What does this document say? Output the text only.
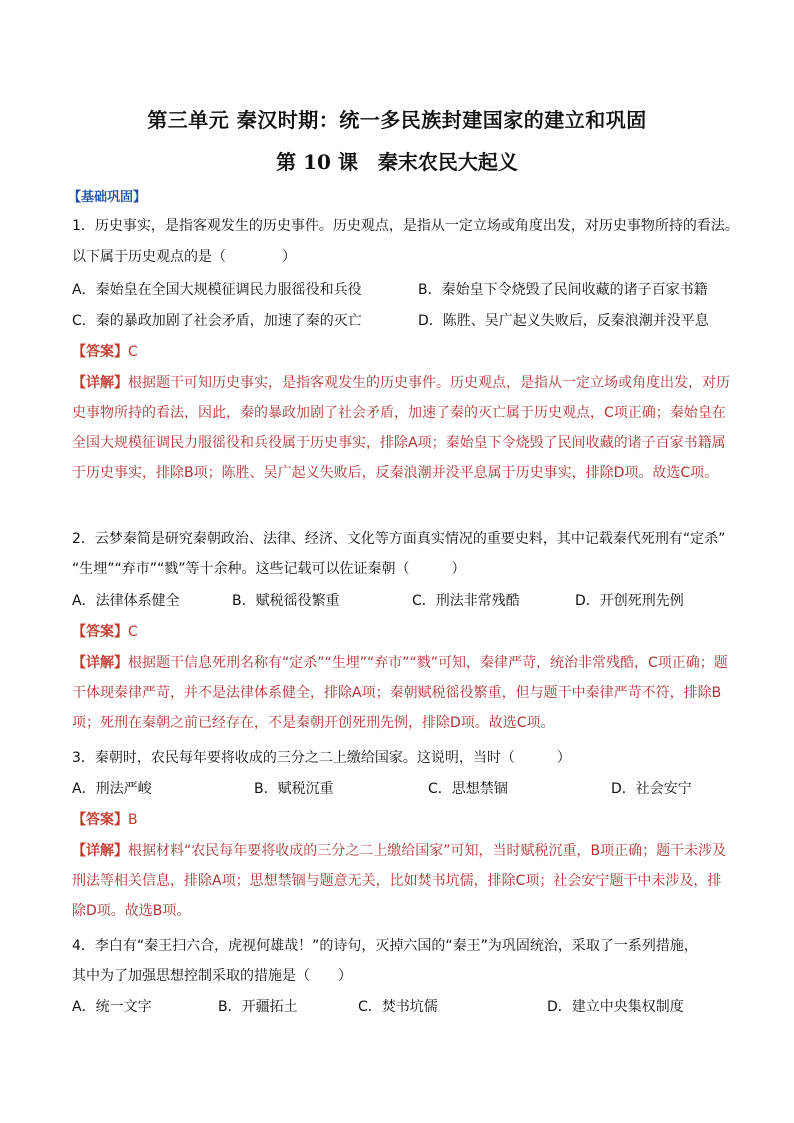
第三单元 秦汉时期：统一多民族封建国家的建立和巩固
第 10 课　秦末农民大起义
【基础巩固】
1．历史事实，是指客观发生的历史事件。历史观点，是指从一定立场或角度出发，对历史事物所持的看法。
以下属于历史观点的是（　　　　）
A．秦始皇在全国大规模征调民力服徭役和兵役	B．秦始皇下令烧毁了民间收藏的诸子百家书籍
C．秦的暴政加剧了社会矛盾，加速了秦的灭亡	D．陈胜、吴广起义失败后，反秦浪潮并没平息
【答案】C

【详解】根据题干可知历史事实，是指客观发生的历史事件。历史观点，是指从一定立场或角度出发，对历史事物所持的看法，因此，秦的暴政加剧了社会矛盾，加速了秦的灭亡属于历史观点，C项正确；秦始皇在全国大规模征调民力服徭役和兵役属于历史事实，排除A项；秦始皇下令烧毁了民间收藏的诸子百家书籍属于历史事实，排除B项；陈胜、吴广起义失败后，反秦浪潮并没平息属于历史事实，排除D项。故选C项。

2．云梦秦简是研究秦朝政治、法律、经济、文化等方面真实情况的重要史料，其中记载秦代死刑有“定杀”
“生埋”“弃市”“戮”等十余种。这些记载可以佐证秦朝（　　　）
A．法律体系健全	B．赋税徭役繁重	C．刑法非常残酷	D．开创死刑先例
【答案】C

【详解】根据题干信息死刑名称有“定杀”“生埋”“弃市”“戮”可知，秦律严苛，统治非常残酷，C项正确；题干体现秦律严苛，并不是法律体系健全，排除A项；秦朝赋税徭役繁重，但与题干中秦律严苛不符，排除B项；死刑在秦朝之前已经存在，不是秦朝开创死刑先例，排除D项。故选C项。

3．秦朝时，农民每年要将收成的三分之二上缴给国家。这说明，当时（　　　）
A．刑法严峻	B．赋税沉重	C．思想禁锢	D．社会安宁
【答案】B

【详解】根据材料“农民每年要将收成的三分之二上缴给国家”可知，当时赋税沉重，B项正确；题干未涉及刑法等相关信息，排除A项；思想禁锢与题意无关，比如焚书坑儒，排除C项；社会安宁题干中未涉及，排除D项。故选B项。

4．李白有“秦王扫六合，虎视何雄哉！”的诗句，灭掉六国的“秦王”为巩固统治，采取了一系列措施，
其中为了加强思想控制采取的措施是（　　）
A．统一文字	B．开疆拓土	C．焚书坑儒	D．建立中央集权制度
